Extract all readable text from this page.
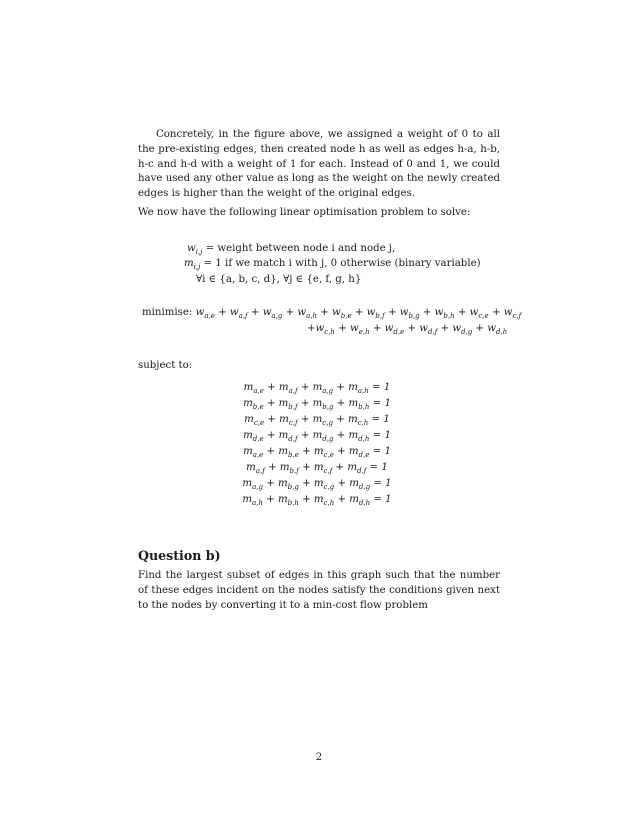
Concretely, in the figure above, we assigned a weight of 0 to all the pre-existing edges, then created node h as well as edges h-a, h-b, h-c and h-d with a weight of 1 for each. Instead of 0 and 1, we could have used any other value as long as the weight on the newly created edges is higher than the weight of the original edges.
We now have the following linear optimisation problem to solve:
$w_{i,j}$ = weight between node i and node j,
$m_{i,j} = 1$ if we match i with j, 0 otherwise (binary variable)
∀i ∈ {a, b, c, d}, ∀j ∈ {e, f, g, h}
minimise: $w_{a,e} + w_{a,f} + w_{a,g} + w_{a,h} + w_{b,e} + w_{b,f} + w_{b,g} + w_{b,h} + w_{c,e} + w_{c,f}$
$+w_{c,h} + w_{e,h} + w_{d,e} + w_{d,f} + w_{d,g} + w_{d,h}$
subject to:
$m_{a,e} + m_{a,f} + m_{a,g} + m_{a,h} = 1$
$m_{b,e} + m_{b,f} + m_{b,g} + m_{b,h} = 1$
$m_{c,e} + m_{c,f} + m_{c,g} + m_{c,h} = 1$
$m_{d,e} + m_{d,f} + m_{d,g} + m_{d,h} = 1$
$m_{a,e} + m_{b,e} + m_{c,e} + m_{d,e} = 1$
$m_{a,f} + m_{b,f} + m_{c,f} + m_{d,f} = 1$
$m_{a,g} + m_{b,g} + m_{c,g} + m_{d,g} = 1$
$m_{a,h} + m_{b,h} + m_{c,h} + m_{d,h} = 1$
Question b)
Find the largest subset of edges in this graph such that the number of these edges incident on the nodes satisfy the conditions given next to the nodes by converting it to a min-cost flow problem
2
